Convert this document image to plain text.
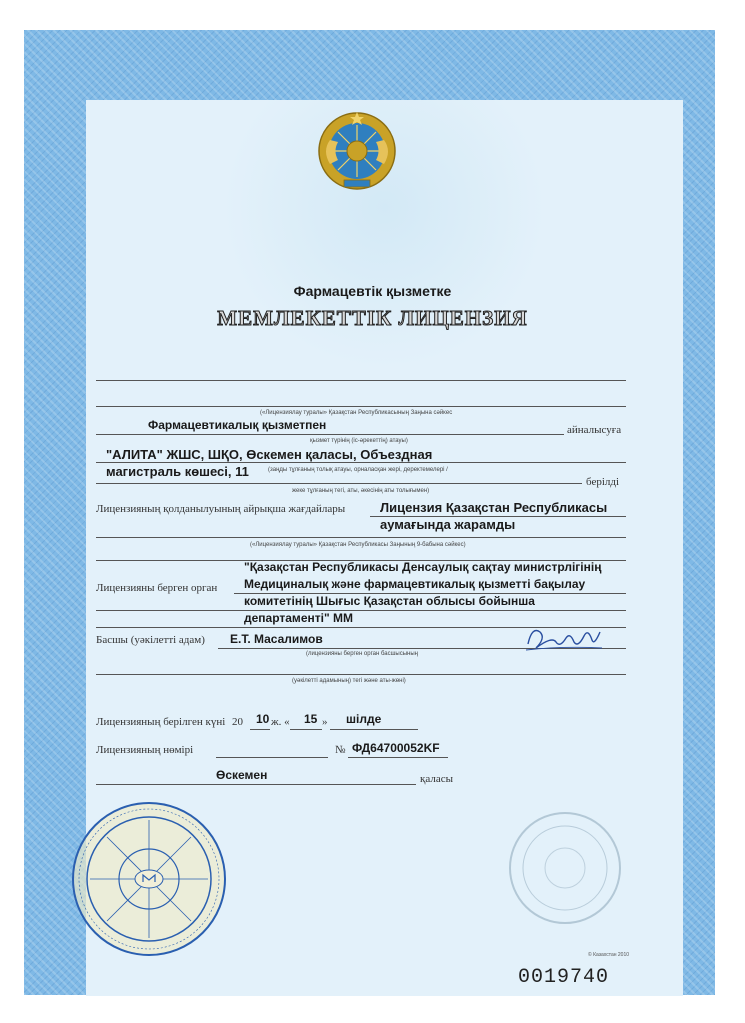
Фармацевтік қызметке
МЕМЛЕКЕТТІК ЛИЦЕНЗИЯ
(«Лицензиялау туралы» Қазақстан Республикасының Заңына сәйкес
Фармацевтикалық қызметпен	айналысуға
қызмет түрінің (іс-әрекеттің) атауы)
"АЛИТА" ЖШС, ШҚО, Өскемен қаласы, Объездная
магистраль көшесі, 11	(заңды тұлғаның толық атауы, орналасқан жері, деректемелері /
берілді
жеке тұлғаның тегі, аты, әкесінің аты толығымен)
Лицензияның қолданылуының айрықша жағдайлары	Лицензия Қазақстан Республикасы
аумағында жарамды
(«Лицензиялау туралы» Қазақстан Республикасы Заңының 9-бабына сәйкес)
"Қазақстан Республикасы Денсаулық сақтау министрлігінің
Лицензияны берген орган Медициналық және фармацевтикалық қызметті бақылау
комитетінің Шығыс Қазақстан облысы бойынша
департаменті" ММ
Басшы (уәкілетті адам) Е.Т. Масалимов
(лицензияны берген орган басшысының
(уәкілетті адамының) тегі және аты-жөні)
Лицензияның берілген күні 20 10 ж. « 15 » шілде
Лицензияның нөмірі	№ ФД64700052KF
Өскемен	қаласы
© Казахстан 2010
0019740
